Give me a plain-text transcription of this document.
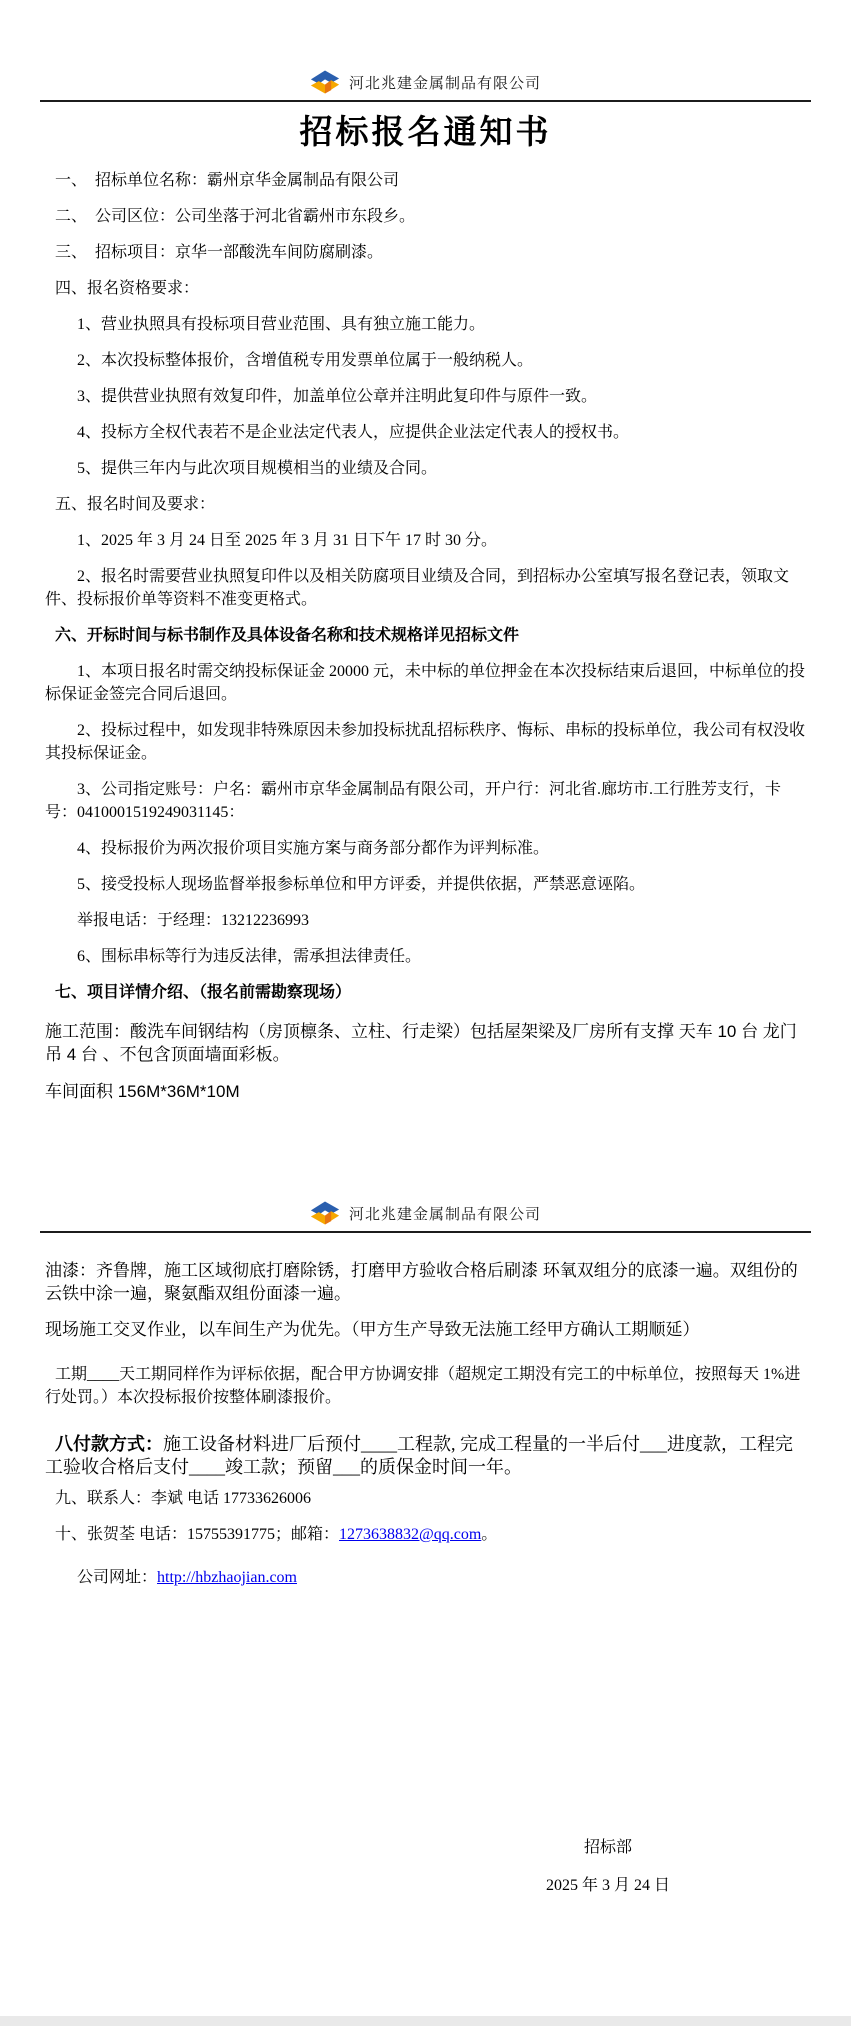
河北兆建金属制品有限公司
招标报名通知书

一、　招标单位名称：霸州京华金属制品有限公司

二、　公司区位：公司坐落于河北省霸州市东段乡。

三、　招标项目：京华一部酸洗车间防腐刷漆。

四、报名资格要求：

1、营业执照具有投标项目营业范围、具有独立施工能力。

2、本次投标整体报价，含增值税专用发票单位属于一般纳税人。

3、提供营业执照有效复印件，加盖单位公章并注明此复印件与原件一致。

4、投标方全权代表若不是企业法定代表人，应提供企业法定代表人的授权书。

5、提供三年内与此次项目规模相当的业绩及合同。

五、报名时间及要求：

1、2025 年 3 月 24 日至 2025 年 3 月 31 日下午 17 时 30 分。

2、报名时需要营业执照复印件以及相关防腐项目业绩及合同，到招标办公室填写报名登记表，领取文件、投标报价单等资料不准变更格式。

六、开标时间与标书制作及具体设备名称和技术规格详见招标文件

1、本项日报名时需交纳投标保证金 20000 元，未中标的单位押金在本次投标结束后退回，中标单位的投标保证金签完合同后退回。

2、投标过程中，如发现非特殊原因未参加投标扰乱招标秩序、悔标、串标的投标单位，我公司有权没收其投标保证金。

3、公司指定账号：户名：霸州市京华金属制品有限公司，开户行：河北省.廊坊市.工行胜芳支行，卡号：0410001519249031145：

4、投标报价为两次报价项目实施方案与商务部分都作为评判标准。

5、接受投标人现场监督举报参标单位和甲方评委，并提供依据，严禁恶意诬陷。

举报电话：于经理：13212236993

6、围标串标等行为违反法律，需承担法律责任。

七、项目详情介绍、（报名前需勘察现场）

施工范围：酸洗车间钢结构（房顶檩条、立柱、行走梁）包括屋架梁及厂房所有支撑 天车 10 台 龙门吊 4 台 、不包含顶面墙面彩板。

车间面积 156M*36M*10M

河北兆建金属制品有限公司

油漆：齐鲁牌，施工区域彻底打磨除锈，打磨甲方验收合格后刷漆 环氧双组分的底漆一遍。双组份的云铁中涂一遍，聚氨酯双组份面漆一遍。

现场施工交叉作业，以车间生产为优先。（甲方生产导致无法施工经甲方确认工期顺延）

工期____天工期同样作为评标依据，配合甲方协调安排（超规定工期没有完工的中标单位，按照每天 1%进行处罚。）本次投标报价按整体刷漆报价。

八付款方式：施工设备材料进厂后预付____工程款, 完成工程量的一半后付___进度款，工程完工验收合格后支付____竣工款；预留___的质保金时间一年。

九、联系人：李斌 电话 17733626006

十、张贺荃 电话：15755391775；邮箱：1273638832@qq.com。

公司网址：http://hbzhaojian.com

招标部

2025 年 3 月 24 日
